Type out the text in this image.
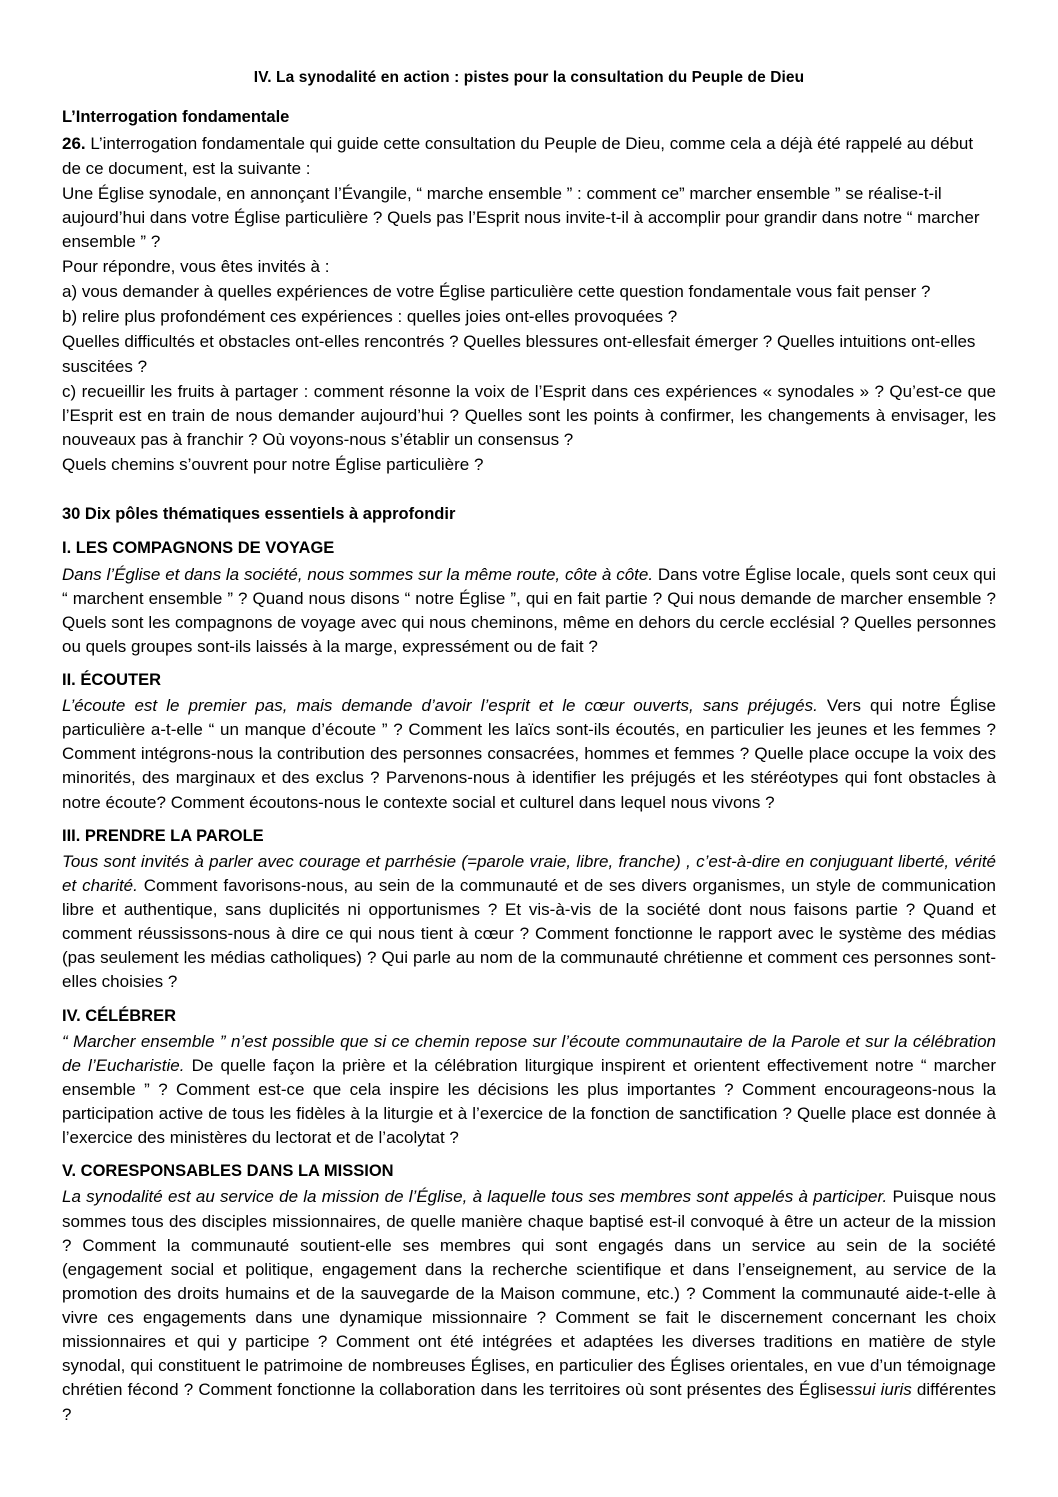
IV. La synodalité en action : pistes pour la consultation du Peuple de Dieu
L’Interrogation fondamentale

26. L’interrogation fondamentale qui guide cette consultation du Peuple de Dieu, comme cela a déjà été rappelé au début de ce document, est la suivante :

Une Église synodale, en annonçant l’Évangile, “ marche ensemble ” : comment ce” marcher ensemble ” se réalise-t-il aujourd’hui dans votre Église particulière ? Quels pas l’Esprit nous invite-t-il à accomplir pour grandir dans notre “ marcher ensemble ” ?

Pour répondre, vous êtes invités à :

a) vous demander à quelles expériences de votre Église particulière cette question fondamentale vous fait penser ?

b) relire plus profondément ces expériences : quelles joies ont-elles provoquées ?

Quelles difficultés et obstacles ont-elles rencontrés ? Quelles blessures ont-ellesfait émerger ? Quelles intuitions ont-elles suscitées ?

c) recueillir les fruits à partager : comment résonne la voix de l’Esprit dans ces expériences « synodales » ? Qu’est-ce que l’Esprit est en train de nous demander aujourd’hui ? Quelles sont les points à confirmer, les changements à envisager, les nouveaux pas à franchir ? Où voyons-nous s’établir un consensus ?

Quels chemins s’ouvrent pour notre Église particulière ?

30 Dix pôles thématiques essentiels à approfondir
I. LES COMPAGNONS DE VOYAGE

Dans l’Église et dans la société, nous sommes sur la même route, côte à côte. Dans votre Église locale, quels sont ceux qui “ marchent ensemble ” ? Quand nous disons “ notre Église ”, qui en fait partie ? Qui nous demande de marcher ensemble ? Quels sont les compagnons de voyage avec qui nous cheminons, même en dehors du cercle ecclésial ? Quelles personnes ou quels groupes sont-ils laissés à la marge, expressément ou de fait ?

II. ÉCOUTER

L’écoute est le premier pas, mais demande d’avoir l’esprit et le cœur ouverts, sans préjugés. Vers qui notre Église particulière a-t-elle “ un manque d’écoute ” ? Comment les laïcs sont-ils écoutés, en particulier les jeunes et les femmes ? Comment intégrons-nous la contribution des personnes consacrées, hommes et femmes ? Quelle place occupe la voix des minorités, des marginaux et des exclus ? Parvenons-nous à identifier les préjugés et les stéréotypes qui font obstacles à notre écoute? Comment écoutons-nous le contexte social et culturel dans lequel nous vivons ?

III. PRENDRE LA PAROLE

Tous sont invités à parler avec courage et parrhésie (=parole vraie, libre, franche) , c’est-à-dire en conjuguant liberté, vérité et charité. Comment favorisons-nous, au sein de la communauté et de ses divers organismes, un style de communication libre et authentique, sans duplicités ni opportunismes ? Et vis-à-vis de la société dont nous faisons partie ? Quand et comment réussissons-nous à dire ce qui nous tient à cœur ? Comment fonctionne le rapport avec le système des médias (pas seulement les médias catholiques) ? Qui parle au nom de la communauté chrétienne et comment ces personnes sont-elles choisies ?

IV. CÉLÉBRER

“ Marcher ensemble ” n’est possible que si ce chemin repose sur l’écoute communautaire de la Parole et sur la célébration de l’Eucharistie. De quelle façon la prière et la célébration liturgique inspirent et orientent effectivement notre “ marcher ensemble ” ? Comment est-ce que cela inspire les décisions les plus importantes ? Comment encourageons-nous la participation active de tous les fidèles à la liturgie et à l’exercice de la fonction de sanctification ? Quelle place est donnée à l’exercice des ministères du lectorat et de l’acolytat ?

V. CORESPONSABLES DANS LA MISSION

La synodalité est au service de la mission de l’Église, à laquelle tous ses membres sont appelés à participer. Puisque nous sommes tous des disciples missionnaires, de quelle manière chaque baptisé est-il convoqué à être un acteur de la mission ? Comment la communauté soutient-elle ses membres qui sont engagés dans un service au sein de la société (engagement social et politique, engagement dans la recherche scientifique et dans l’enseignement, au service de la promotion des droits humains et de la sauvegarde de la Maison commune, etc.) ? Comment la communauté aide-t-elle à vivre ces engagements dans une dynamique missionnaire ? Comment se fait le discernement concernant les choix missionnaires et qui y participe ? Comment ont été intégrées et adaptées les diverses traditions en matière de style synodal, qui constituent le patrimoine de nombreuses Églises, en particulier des Églises orientales, en vue d’un témoignage chrétien fécond ? Comment fonctionne la collaboration dans les territoires où sont présentes des Églisessui iuris différentes ?
